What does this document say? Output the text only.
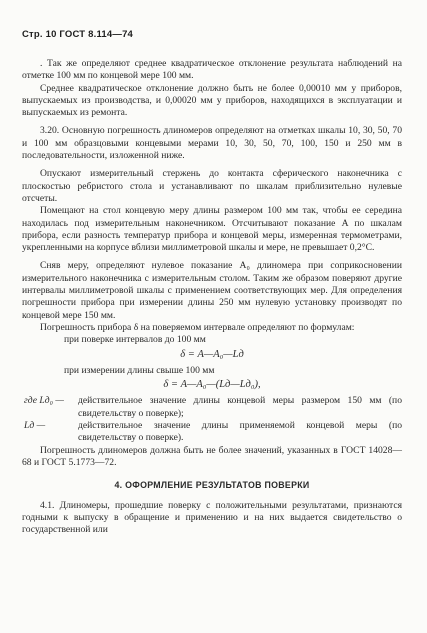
Стр. 10 ГОСТ 8.114—74

. Так же определяют среднее квадратическое отклонение результата наблюдений на отметке 100 мм по концевой мере 100 мм.

Среднее квадратическое отклонение должно быть не более 0,00010 мм у приборов, выпускаемых из производства, и 0,00020 мм у приборов, находящихся в эксплуатации и выпускаемых из ремонта.

3.20. Основную погрешность длиномеров определяют на отметках шкалы 10, 30, 50, 70 и 100 мм образцовыми концевыми мерами 10, 30, 50, 70, 100, 150 и 250 мм в последовательности, изложенной ниже.

Опускают измерительный стержень до контакта сферического наконечника с плоскостью ребристого стола и устанавливают по шкалам приблизительно нулевые отсчеты.

Помещают на стол концевую меру длины размером 100 мм так, чтобы ее середина находилась под измерительным наконечником. Отсчитывают показание A по шкалам прибора, если разность температур прибора и концевой меры, измеренная термометрами, укрепленными на корпусе вблизи миллиметровой шкалы и мере, не превышает 0,2°С.

Сняв меру, определяют нулевое показание A₀ длиномера при соприкосновении измерительного наконечника с измерительным столом. Таким же образом поверяют другие интервалы миллиметровой шкалы с применением соответствующих мер. Для определения погрешности прибора при измерении длины 250 мм нулевую установку производят по концевой мере 150 мм.

Погрешность прибора δ на поверяемом интервале определяют по формулам:

при поверке интервалов до 100 мм

δ = A—A₀—Lд

при измерении длины свыше 100 мм

δ = A—A₀—(Lд—Lд₀),
где Lд₀ —	действительное значение длины концевой меры размером 150 мм (по свидетельству о поверке);
Lд —	действительное значение длины применяемой концевой меры (по свидетельству о поверке).

Погрешность длиномеров должна быть не более значений, указанных в ГОСТ 14028—68 и ГОСТ 5.1773—72.

4. ОФОРМЛЕНИЕ РЕЗУЛЬТАТОВ ПОВЕРКИ

4.1. Длиномеры, прошедшие поверку с положительными результатами, признаются годными к выпуску в обращение и применению и на них выдается свидетельство о государственной или
